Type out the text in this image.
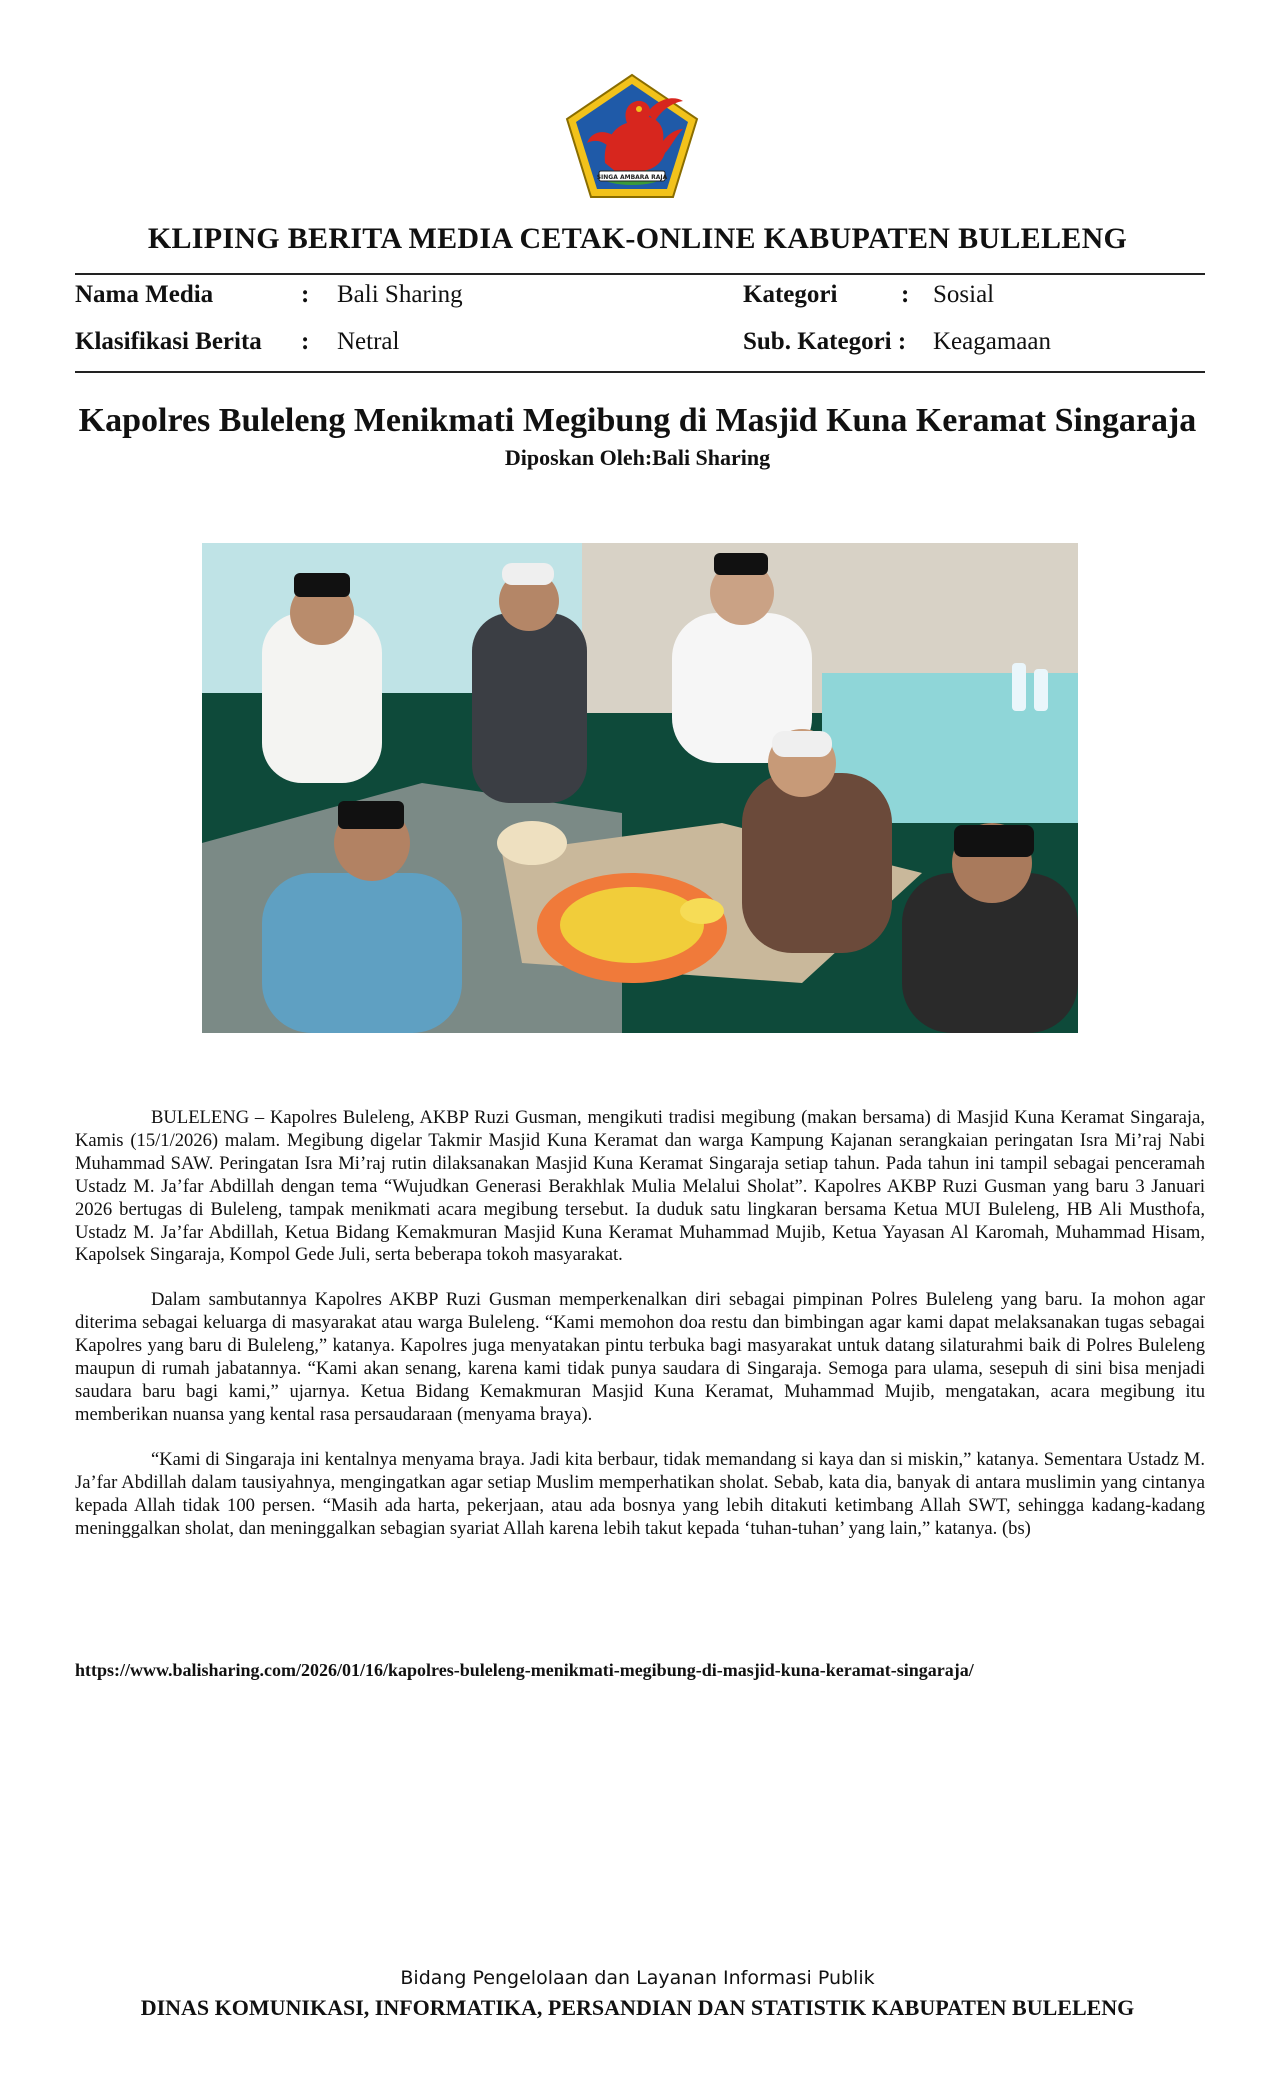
SINGA AMBARA RAJA
KLIPING BERITA MEDIA CETAK-ONLINE KABUPATEN BULELENG
Nama Media	: Bali Sharing	Kategori	: Sosial
Klasifikasi Berita : Netral	Sub. Kategori : Keagamaan
Kapolres Buleleng Menikmati Megibung di Masjid Kuna Keramat Singaraja
Diposkan Oleh:Bali Sharing

BULELENG – Kapolres Buleleng, AKBP Ruzi Gusman, mengikuti tradisi megibung (makan bersama) di Masjid Kuna Keramat Singaraja, Kamis (15/1/2026) malam. Megibung digelar Takmir Masjid Kuna Keramat dan warga Kampung Kajanan serangkaian peringatan Isra Mi’raj Nabi Muhammad SAW. Peringatan Isra Mi’raj rutin dilaksanakan Masjid Kuna Keramat Singaraja setiap tahun. Pada tahun ini tampil sebagai penceramah Ustadz M. Ja’far Abdillah dengan tema “Wujudkan Generasi Berakhlak Mulia Melalui Sholat”. Kapolres AKBP Ruzi Gusman yang baru 3 Januari 2026 bertugas di Buleleng, tampak menikmati acara megibung tersebut. Ia duduk satu lingkaran bersama Ketua MUI Buleleng, HB Ali Musthofa, Ustadz M. Ja’far Abdillah, Ketua Bidang Kemakmuran Masjid Kuna Keramat Muhammad Mujib, Ketua Yayasan Al Karomah, Muhammad Hisam, Kapolsek Singaraja, Kompol Gede Juli, serta beberapa tokoh masyarakat.

Dalam sambutannya Kapolres AKBP Ruzi Gusman memperkenalkan diri sebagai pimpinan Polres Buleleng yang baru. Ia mohon agar diterima sebagai keluarga di masyarakat atau warga Buleleng. “Kami memohon doa restu dan bimbingan agar kami dapat melaksanakan tugas sebagai Kapolres yang baru di Buleleng,” katanya. Kapolres juga menyatakan pintu terbuka bagi masyarakat untuk datang silaturahmi baik di Polres Buleleng maupun di rumah jabatannya. “Kami akan senang, karena kami tidak punya saudara di Singaraja. Semoga para ulama, sesepuh di sini bisa menjadi saudara baru bagi kami,” ujarnya. Ketua Bidang Kemakmuran Masjid Kuna Keramat, Muhammad Mujib, mengatakan, acara megibung itu memberikan nuansa yang kental rasa persaudaraan (menyama braya).

“Kami di Singaraja ini kentalnya menyama braya. Jadi kita berbaur, tidak memandang si kaya dan si miskin,” katanya. Sementara Ustadz M. Ja’far Abdillah dalam tausiyahnya, mengingatkan agar setiap Muslim memperhatikan sholat. Sebab, kata dia, banyak di antara muslimin yang cintanya kepada Allah tidak 100 persen. “Masih ada harta, pekerjaan, atau ada bosnya yang lebih ditakuti ketimbang Allah SWT, sehingga kadang-kadang meninggalkan sholat, dan meninggalkan sebagian syariat Allah karena lebih takut kepada ‘tuhan-tuhan’ yang lain,” katanya. (bs)

https://www.balisharing.com/2026/01/16/kapolres-buleleng-menikmati-megibung-di-masjid-kuna-keramat-singaraja/
Bidang Pengelolaan dan Layanan Informasi Publik
DINAS KOMUNIKASI, INFORMATIKA, PERSANDIAN DAN STATISTIK KABUPATEN BULELENG
